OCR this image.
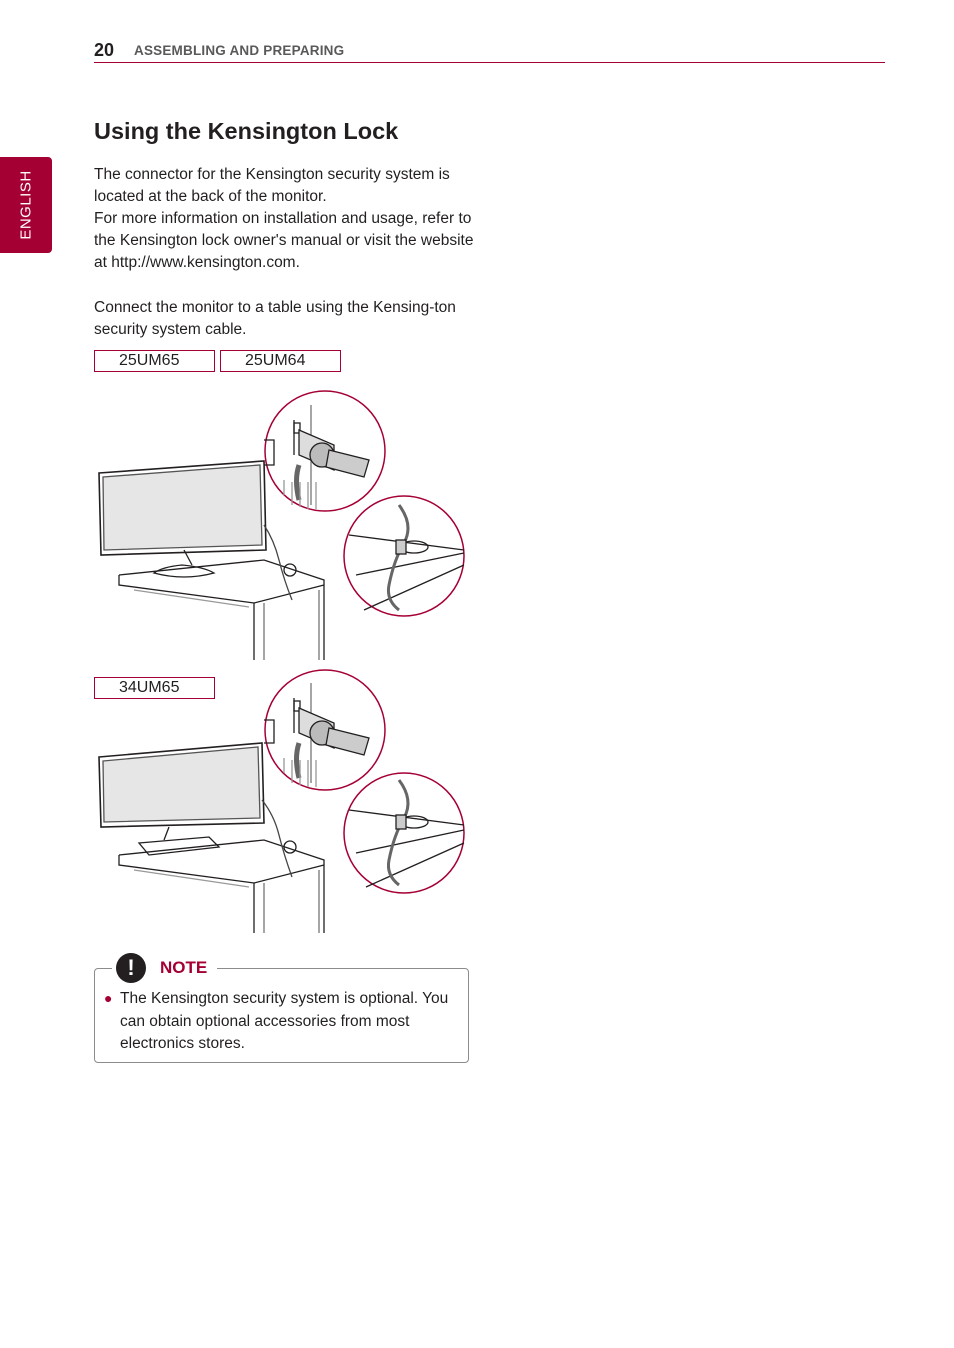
20 ASSEMBLING AND PREPARING
ENGLISH
Using the Kensington Lock

The connector for the Kensington security system is located at the back of the monitor.

For more information on installation and usage, refer to the Kensington lock owner's manual or visit the website at http://www.kensington.com.

Connect the monitor to a table using the Kensing-ton security system cable.

25UM65	25UM64
34UM65
!	NOTE
● The Kensington security system is optional. You can obtain optional accessories from most electronics stores.
